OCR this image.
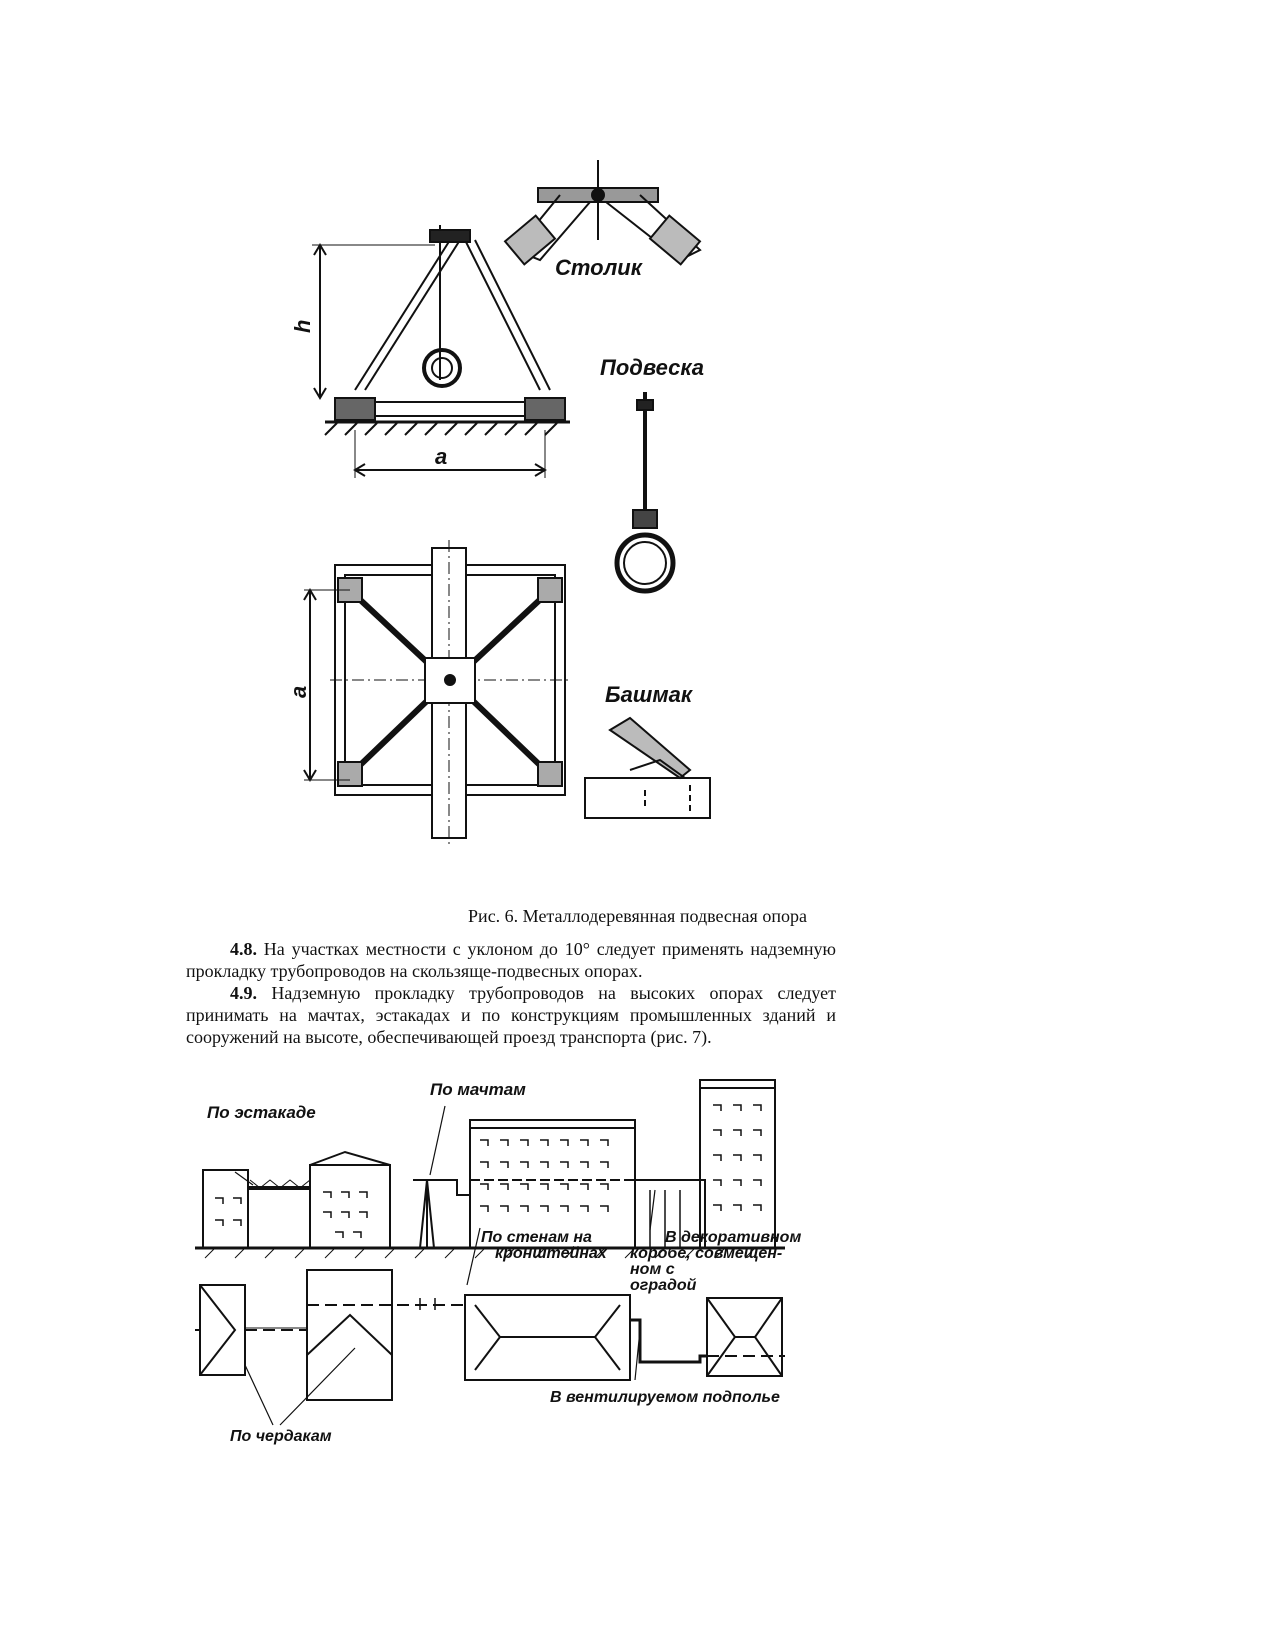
Столик
Подвеска
Башмак
h
a
a
Рис. 6. Металлодеревянная подвесная опора
4.8. На участках местности с уклоном до 10° следует применять надземную прокладку трубопроводов на скользяще-подвесных опорах.
4.9. Надземную прокладку трубопроводов на высоких опорах следует принимать на мачтах, эстакадах и по конструкциям промышленных зданий и сооружений на высоте, обеспечивающей проезд транспорта (рис. 7).
По эстакаде
По мачтам
По стенам на
кронштейнах
В декоративном
коробе, совмещен-
ном с
оградой
В вентилируемом подполье
По чердакам
